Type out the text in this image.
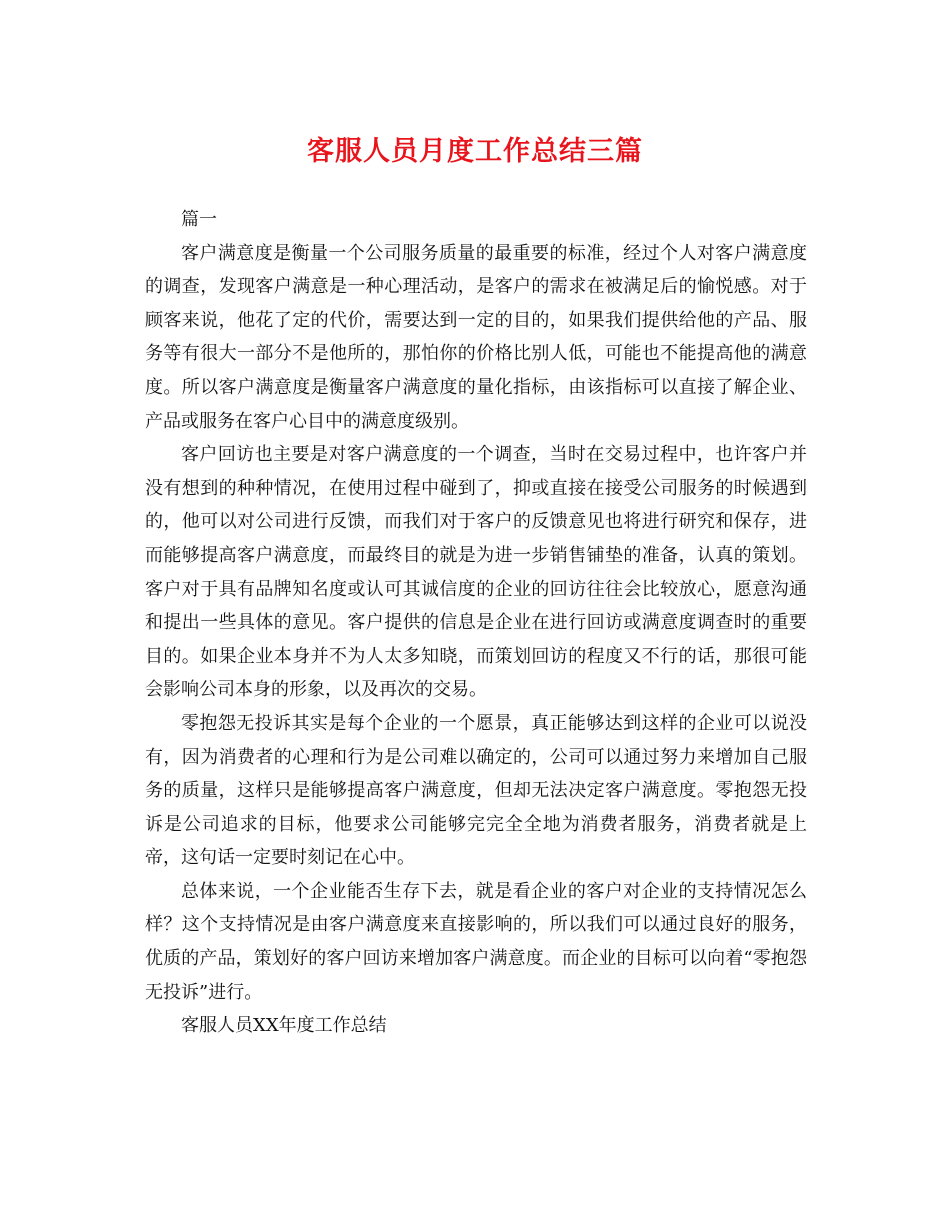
客服人员月度工作总结三篇

篇一

客户满意度是衡量一个公司服务质量的最重要的标准，经过个人对客户满意度的调查，发现客户满意是一种心理活动，是客户的需求在被满足后的愉悦感。对于顾客来说，他花了定的代价，需要达到一定的目的，如果我们提供给他的产品、服务等有很大一部分不是他所的，那怕你的价格比别人低，可能也不能提高他的满意度。所以客户满意度是衡量客户满意度的量化指标，由该指标可以直接了解企业、产品或服务在客户心目中的满意度级别。

客户回访也主要是对客户满意度的一个调查，当时在交易过程中，也许客户并没有想到的种种情况，在使用过程中碰到了，抑或直接在接受公司服务的时候遇到的，他可以对公司进行反馈，而我们对于客户的反馈意见也将进行研究和保存，进而能够提高客户满意度，而最终目的就是为进一步销售铺垫的准备，认真的策划。客户对于具有品牌知名度或认可其诚信度的企业的回访往往会比较放心，愿意沟通和提出一些具体的意见。客户提供的信息是企业在进行回访或满意度调查时的重要目的。如果企业本身并不为人太多知晓，而策划回访的程度又不行的话，那很可能会影响公司本身的形象，以及再次的交易。

零抱怨无投诉其实是每个企业的一个愿景，真正能够达到这样的企业可以说没有，因为消费者的心理和行为是公司难以确定的，公司可以通过努力来增加自己服务的质量，这样只是能够提高客户满意度，但却无法决定客户满意度。零抱怨无投诉是公司追求的目标，他要求公司能够完完全全地为消费者服务，消费者就是上帝，这句话一定要时刻记在心中。

总体来说，一个企业能否生存下去，就是看企业的客户对企业的支持情况怎么样？这个支持情况是由客户满意度来直接影响的，所以我们可以通过良好的服务，优质的产品，策划好的客户回访来增加客户满意度。而企业的目标可以向着“零抱怨无投诉”进行。

客服人员XX年度工作总结
